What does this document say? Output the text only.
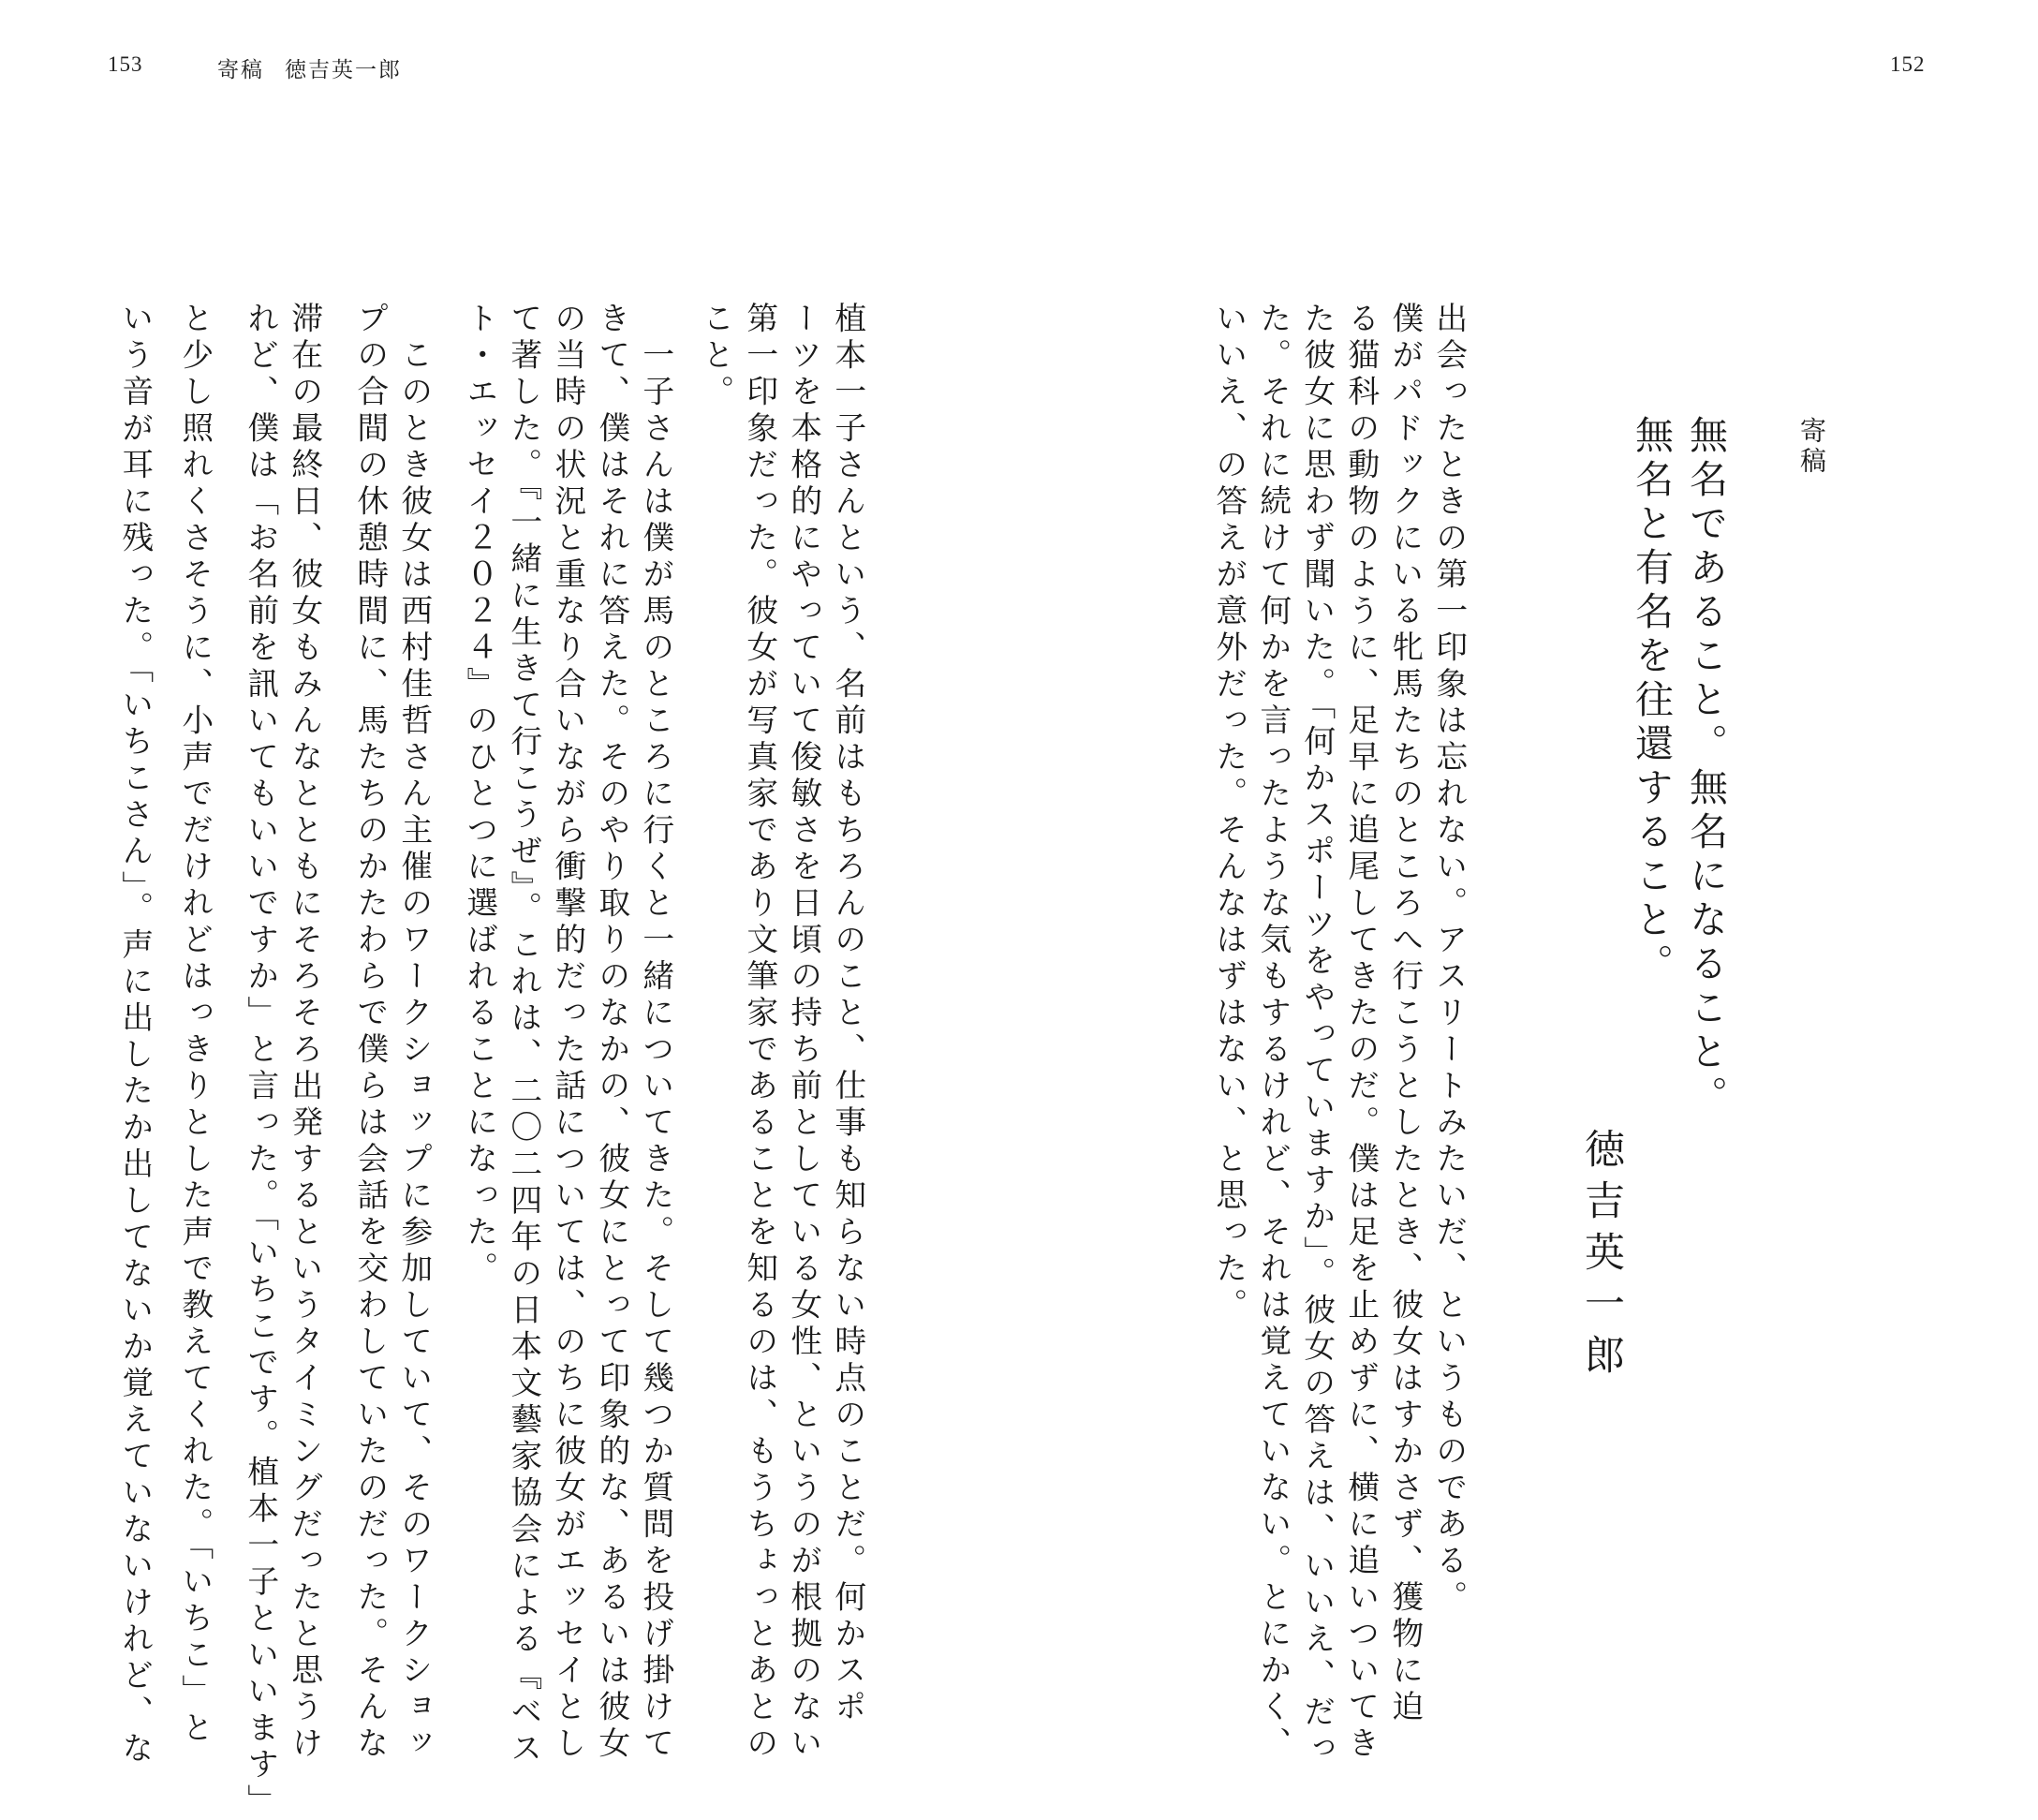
153	寄稿 徳吉英一郎	152
寄稿
無名であること。無名になること。
無名と有名を往還すること。
徳吉英一郎
出会ったときの第一印象は忘れない。アスリートみたいだ、というものである。
僕がパドックにいる牝馬たちのところへ行こうとしたとき、彼女はすかさず、獲物に迫
る猫科の動物のように、足早に追尾してきたのだ。僕は足を止めずに、横に追いついてき
た彼女に思わず聞いた。「何かスポーツをやっていますか」。彼女の答えは、いいえ、だっ
た。それに続けて何かを言ったような気もするけれど、それは覚えていない。とにかく、
いいえ、の答えが意外だった。そんなはずはない、と思った。
植本一子さんという、名前はもちろんのこと、仕事も知らない時点のことだ。何かスポ
ーツを本格的にやっていて俊敏さを日頃の持ち前としている女性、というのが根拠のない
第一印象だった。彼女が写真家であり文筆家であることを知るのは、もうちょっとあとの
こと。
　一子さんは僕が馬のところに行くと一緒についてきた。そして幾つか質問を投げ掛けて
きて、僕はそれに答えた。そのやり取りのなかの、彼女にとって印象的な、あるいは彼女
の当時の状況と重なり合いながら衝撃的だった話については、のちに彼女がエッセイとし
て著した。『一緒に生きて行こうぜ』。これは、二〇二四年の日本文藝家協会による『ベス
ト・エッセイ２０２４』のひとつに選ばれることになった。
　このとき彼女は西村佳哲さん主催のワークショップに参加していて、そのワークショッ
プの合間の休憩時間に、馬たちのかたわらで僕らは会話を交わしていたのだった。そんな
滞在の最終日、彼女もみんなとともにそろそろ出発するというタイミングだったと思うけ
れど、僕は「お名前を訊いてもいいですか」と言った。「いちこです。植本一子といいます」
と少し照れくさそうに、小声でだけれどはっきりとした声で教えてくれた。「いちこ」と
いう音が耳に残った。「いちこさん」。声に出したか出してないか覚えていないけれど、な
